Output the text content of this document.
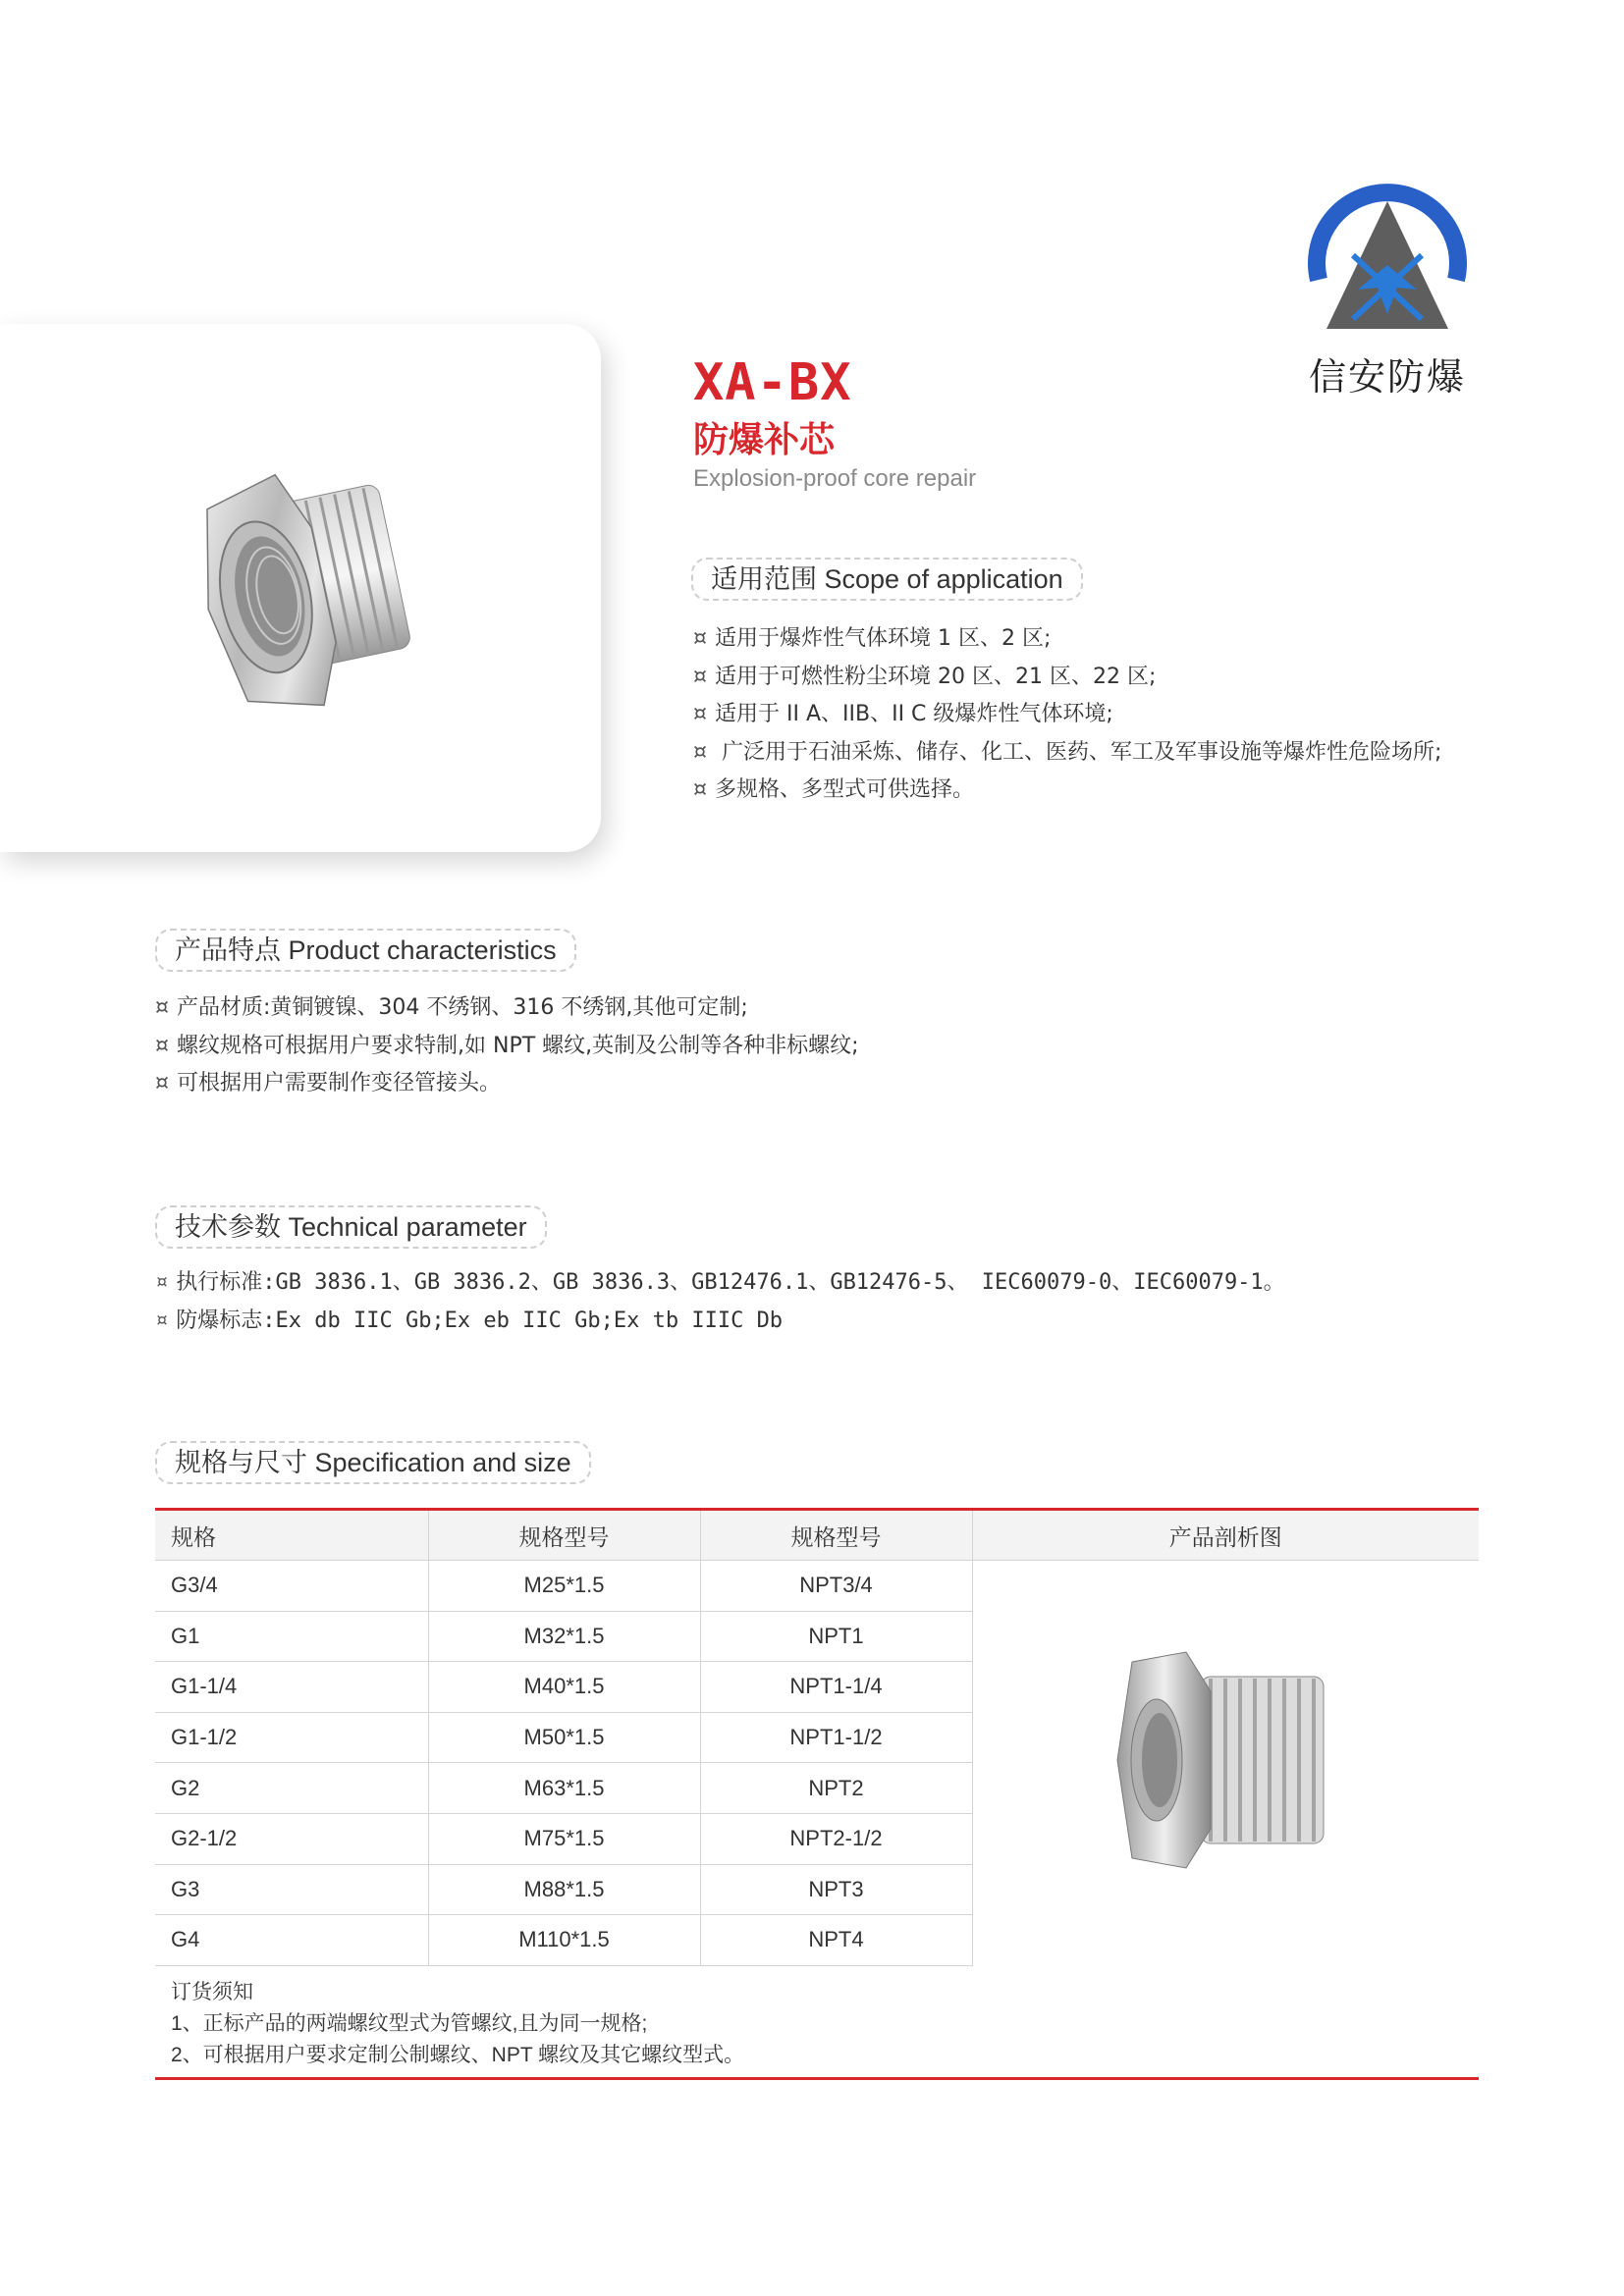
信安防爆
XA-BX
防爆补芯
Explosion-proof core repair
适用范围 Scope of application
¤ 适用于爆炸性气体环境 1 区、2 区;
¤ 适用于可燃性粉尘环境 20 区、21 区、22 区;
¤ 适用于 II A、IIB、II C 级爆炸性气体环境;
¤ 广泛用于石油采炼、储存、化工、医药、军工及军事设施等爆炸性危险场所;
¤ 多规格、多型式可供选择。
产品特点 Product characteristics
¤ 产品材质:黄铜镀镍、304 不绣钢、316 不绣钢,其他可定制;
¤ 螺纹规格可根据用户要求特制,如 NPT 螺纹,英制及公制等各种非标螺纹;
¤ 可根据用户需要制作变径管接头。
技术参数 Technical parameter
¤ 执行标准:GB 3836.1、GB 3836.2、GB 3836.3、GB12476.1、GB12476-5、 IEC60079-0、IEC60079-1。
¤ 防爆标志:Ex db IIC Gb;Ex eb IIC Gb;Ex tb IIIC Db
规格与尺寸 Specification and size
规格	规格型号	规格型号	产品剖析图
G3/4	M25*1.5	NPT3/4	
G1	M32*1.5	NPT1	
G1-1/4	M40*1.5	NPT1-1/4	
G1-1/2	M50*1.5	NPT1-1/2	
G2	M63*1.5	NPT2	
G2-1/2	M75*1.5	NPT2-1/2	
G3	M88*1.5	NPT3	
G4	M110*1.5	NPT4	
订货须知
1、正标产品的两端螺纹型式为管螺纹,且为同一规格;
2、可根据用户要求定制公制螺纹、NPT 螺纹及其它螺纹型式。
